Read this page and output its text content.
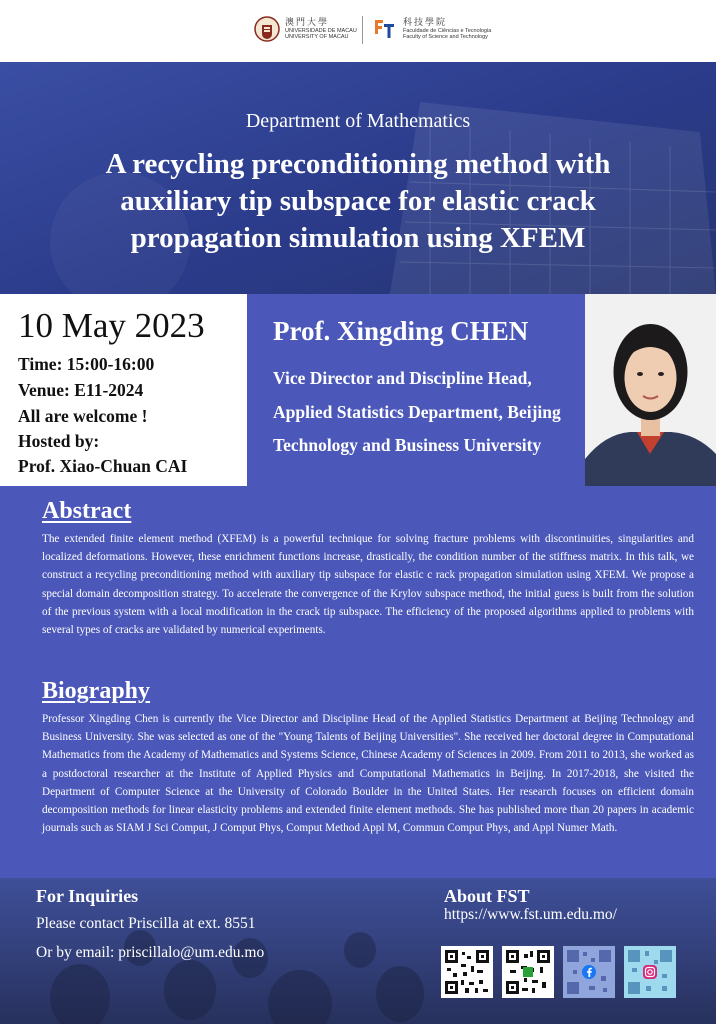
澳門大學
UNIVERSIDADE DE MACAU
UNIVERSITY OF MACAU
科技學院
Faculdade de Ciências e Tecnologia
Faculty of Science and Technology
Department of Mathematics
A recycling preconditioning method with auxiliary tip subspace for elastic crack propagation simulation using XFEM
10 May 2023
Time: 15:00-16:00
Venue: E11-2024
All are welcome !
Hosted by:
Prof. Xiao-Chuan CAI
Prof. Xingding CHEN
Vice Director and Discipline Head, Applied Statistics Department, Beijing Technology and Business University
Abstract
The extended finite element method (XFEM) is a powerful technique for solving fracture problems with discontinuities, singularities and localized deformations. However, these enrichment functions increase, drastically, the condition number of the stiffness matrix. In this talk, we construct a recycling preconditioning method with auxiliary tip subspace for elastic c rack propagation simulation using XFEM. We propose a special domain decomposition strategy. To accelerate the convergence of the Krylov subspace method, the initial guess is built from the solution of the previous system with a local modification in the crack tip subspace. The efficiency of the proposed algorithms applied to problems with several types of cracks are validated by numerical experiments.
Biography
Professor Xingding Chen is currently the Vice Director and Discipline Head of the Applied Statistics Department at Beijing Technology and Business University. She was selected as one of the "Young Talents of Beijing Universities". She received her doctoral degree in Computational Mathematics from the Academy of Mathematics and Systems Science, Chinese Academy of Sciences in 2009. From 2011 to 2013, she worked as a postdoctoral researcher at the Institute of Applied Physics and Computational Mathematics in Beijing. In 2017-2018, she visited the Department of Computer Science at the University of Colorado Boulder in the United States. Her research focuses on efficient domain decomposition methods for linear elasticity problems and extended finite element methods. She has published more than 20 papers in academic journals such as SIAM J Sci Comput, J Comput Phys, Comput Method Appl M, Commun Comput Phys, and Appl Numer Math.
For Inquiries
Please contact Priscilla at ext. 8551
Or by email: priscillalo@um.edu.mo
About FST
https://www.fst.um.edu.mo/
